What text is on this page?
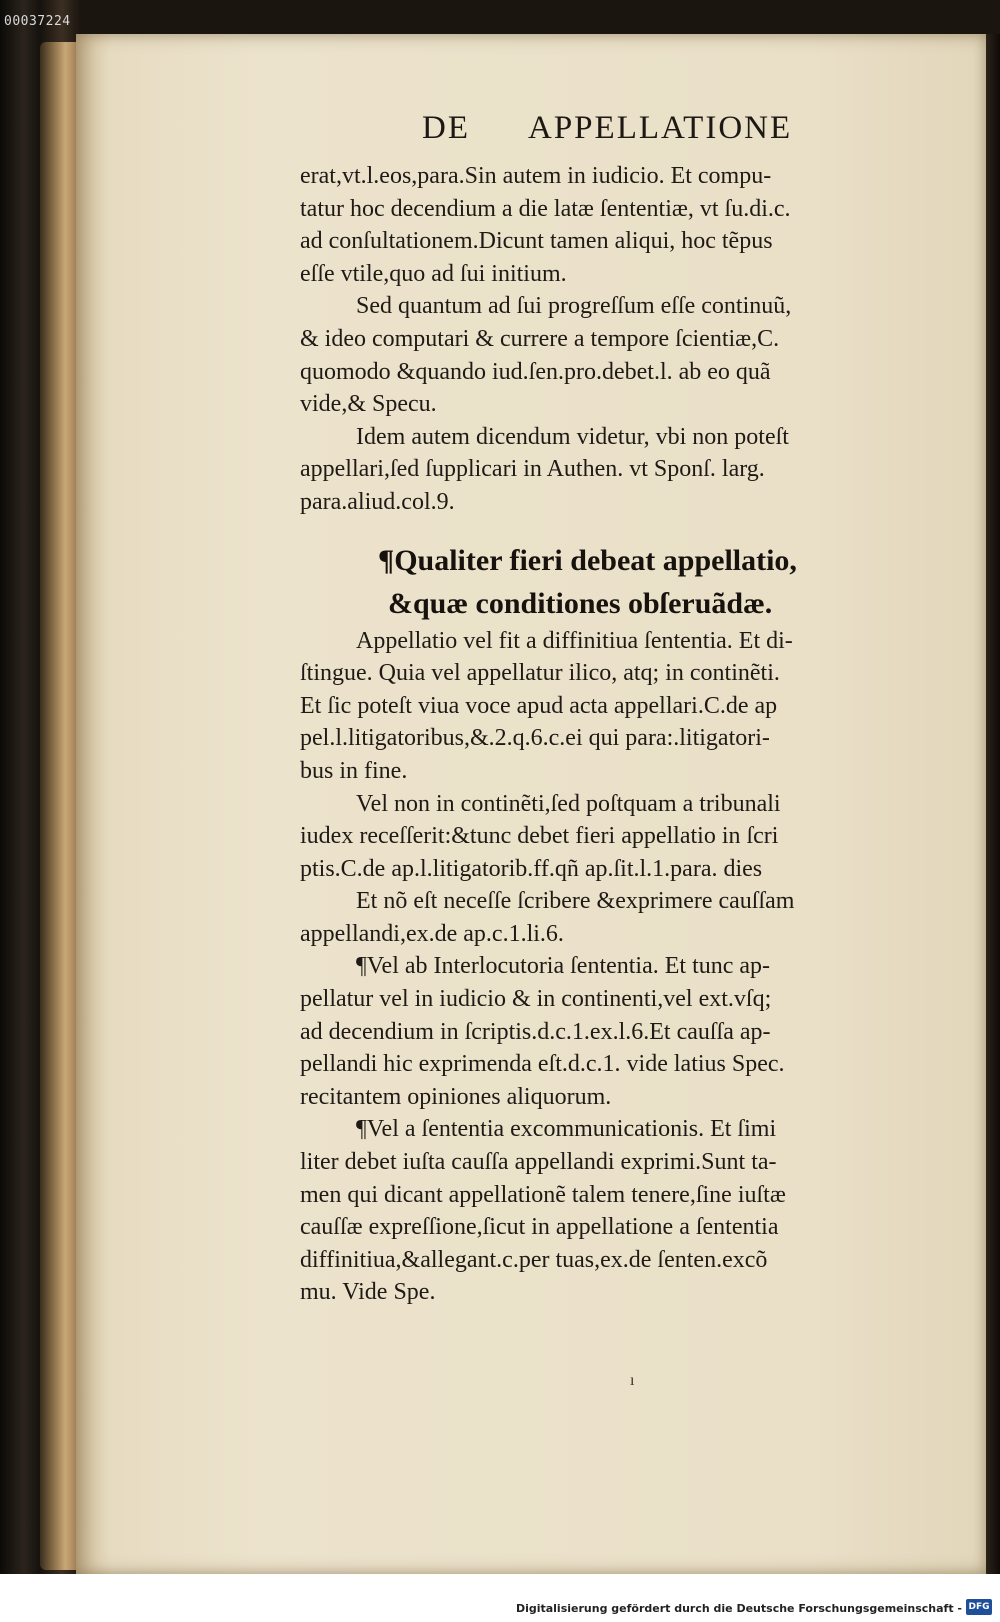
00037224
DE APPELLATIONE
erat,vt.l.eos,para.Sin autem in iudicio. Et compu-
tatur hoc decendium a die latæ ſententiæ, vt ſu.di.c.
ad conſultationem.Dicunt tamen aliqui, hoc tẽpus
eſſe vtile,quo ad ſui initium.
Sed quantum ad ſui progreſſum eſſe continuũ,
& ideo computari & currere a tempore ſcientiæ,C.
quomodo &quando iud.ſen.pro.debet.l. ab eo quã
vide,& Specu.
Idem autem dicendum videtur, vbi non poteſt
appellari,ſed ſupplicari in Authen. vt Sponſ. larg.
para.aliud.col.9.
¶Qualiter fieri debeat appellatio,
&quæ conditiones obſeruãdæ.
Appellatio vel fit a diffinitiua ſententia. Et di-
ſtingue. Quia vel appellatur ilico, atq; in continẽti.
Et ſic poteſt viua voce apud acta appellari.C.de ap
pel.l.litigatoribus,&.2.q.6.c.ei qui para:.litigatori-
bus in fine.
Vel non in continẽti,ſed poſtquam a tribunali
iudex receſſerit:&tunc debet fieri appellatio in ſcri
ptis.C.de ap.l.litigatorib.ff.qñ ap.ſit.l.1.para. dies
Et nõ eſt neceſſe ſcribere &exprimere cauſſam
appellandi,ex.de ap.c.1.li.6.
¶Vel ab Interlocutoria ſententia. Et tunc ap-
pellatur vel in iudicio & in continenti,vel ext.vſq;
ad decendium in ſcriptis.d.c.1.ex.l.6.Et cauſſa ap-
pellandi hic exprimenda eſt.d.c.1. vide latius Spec.
recitantem opiniones aliquorum.
¶Vel a ſententia excommunicationis. Et ſimi
liter debet iuſta cauſſa appellandi exprimi.Sunt ta-
men qui dicant appellationẽ talem tenere,ſine iuſtæ
cauſſæ expreſſione,ſicut in appellatione a ſententia
diffinitiua,&allegant.c.per tuas,ex.de ſenten.excõ
mu. Vide Spe.
ı
Digitalisierung gefördert durch die Deutsche Forschungsgemeinschaft - DFG
